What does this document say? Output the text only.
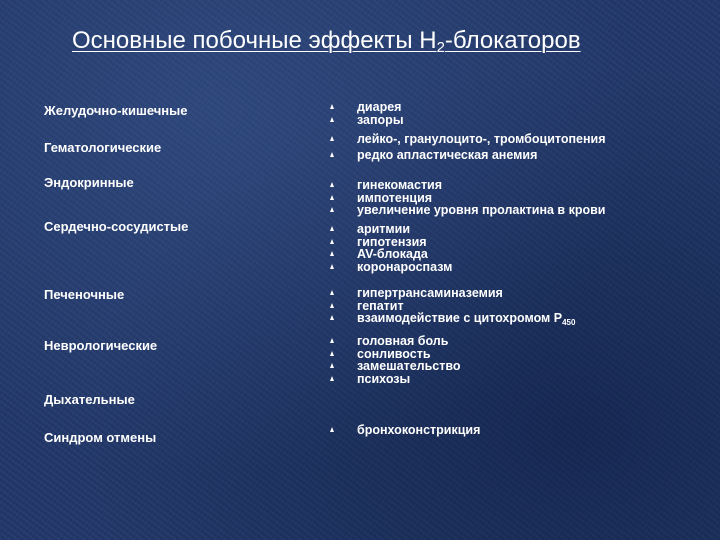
Основные побочные эффекты $Н_2$-блокаторов
Желудочно-кишечные
Гематологические
Эндокринные
Сердечно-сосудистые
Печеночные
Неврологические
Дыхательные
Синдром отмены
диарея
запоры
лейко-, гранулоцито-, тромбоцитопения
редко апластическая анемия
гинекомастия
импотенция
увеличение уровня пролактина в крови
аритмии
гипотензия
AV-блокада
коронароспазм
гипертрансаминаземия
гепатит
взаимодействие с цитохромом $Р_{450}$
головная боль
сонливость
замешательство
психозы
бронхоконстрикция
